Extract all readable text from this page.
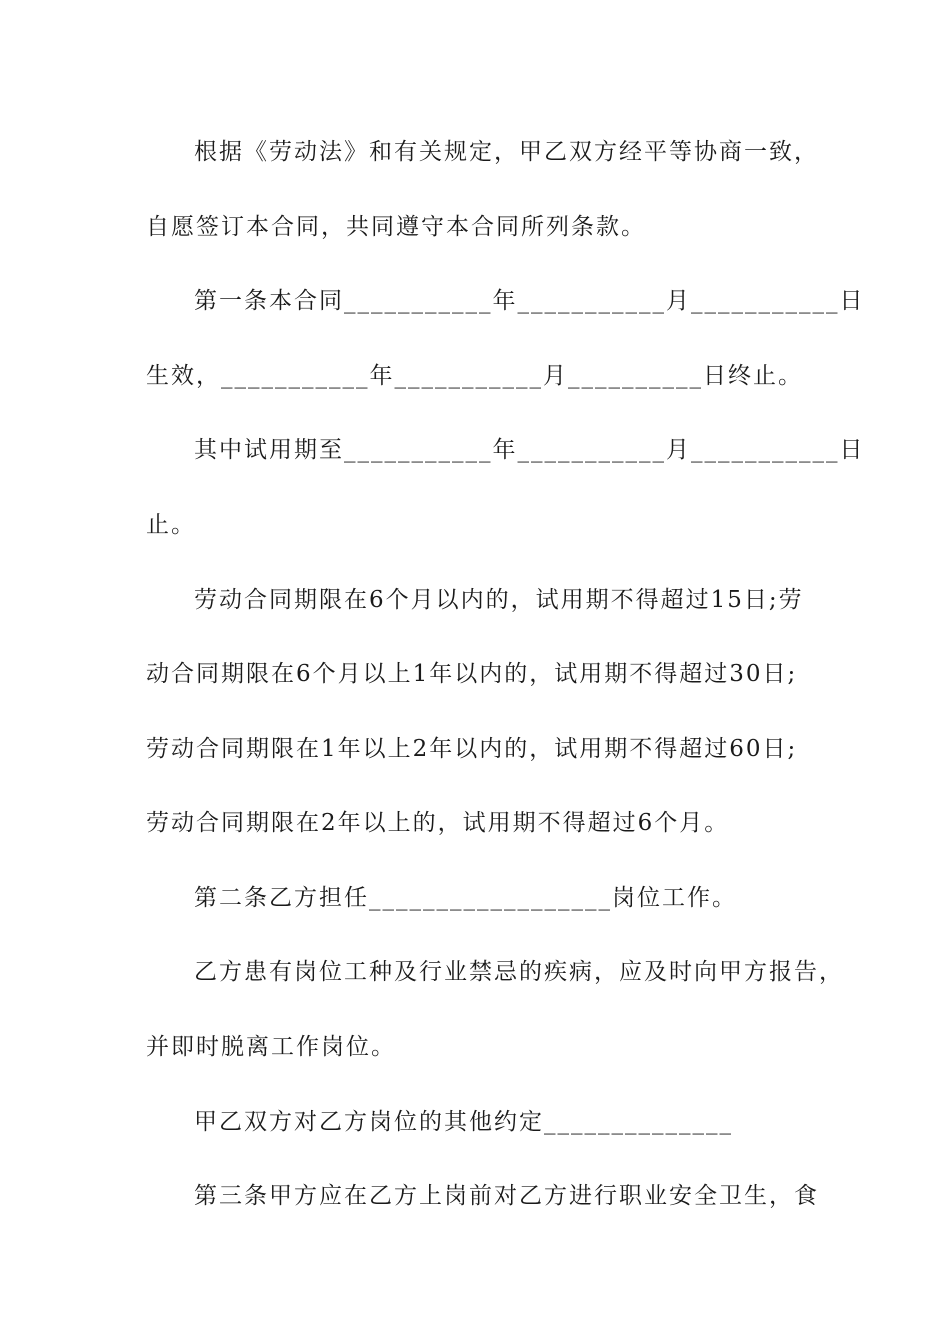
根据《劳动法》和有关规定，甲乙双方经平等协商一致，
自愿签订本合同，共同遵守本合同所列条款。
第一条本合同___________年___________月___________日
生效，___________年___________月__________日终止。
其中试用期至___________年___________月___________日
止。
劳动合同期限在6个月以内的，试用期不得超过15日;劳
动合同期限在6个月以上1年以内的，试用期不得超过30日;
劳动合同期限在1年以上2年以内的，试用期不得超过60日;
劳动合同期限在2年以上的，试用期不得超过6个月。
第二条乙方担任__________________岗位工作。
乙方患有岗位工种及行业禁忌的疾病，应及时向甲方报告，
并即时脱离工作岗位。
甲乙双方对乙方岗位的其他约定______________
第三条甲方应在乙方上岗前对乙方进行职业安全卫生，食
